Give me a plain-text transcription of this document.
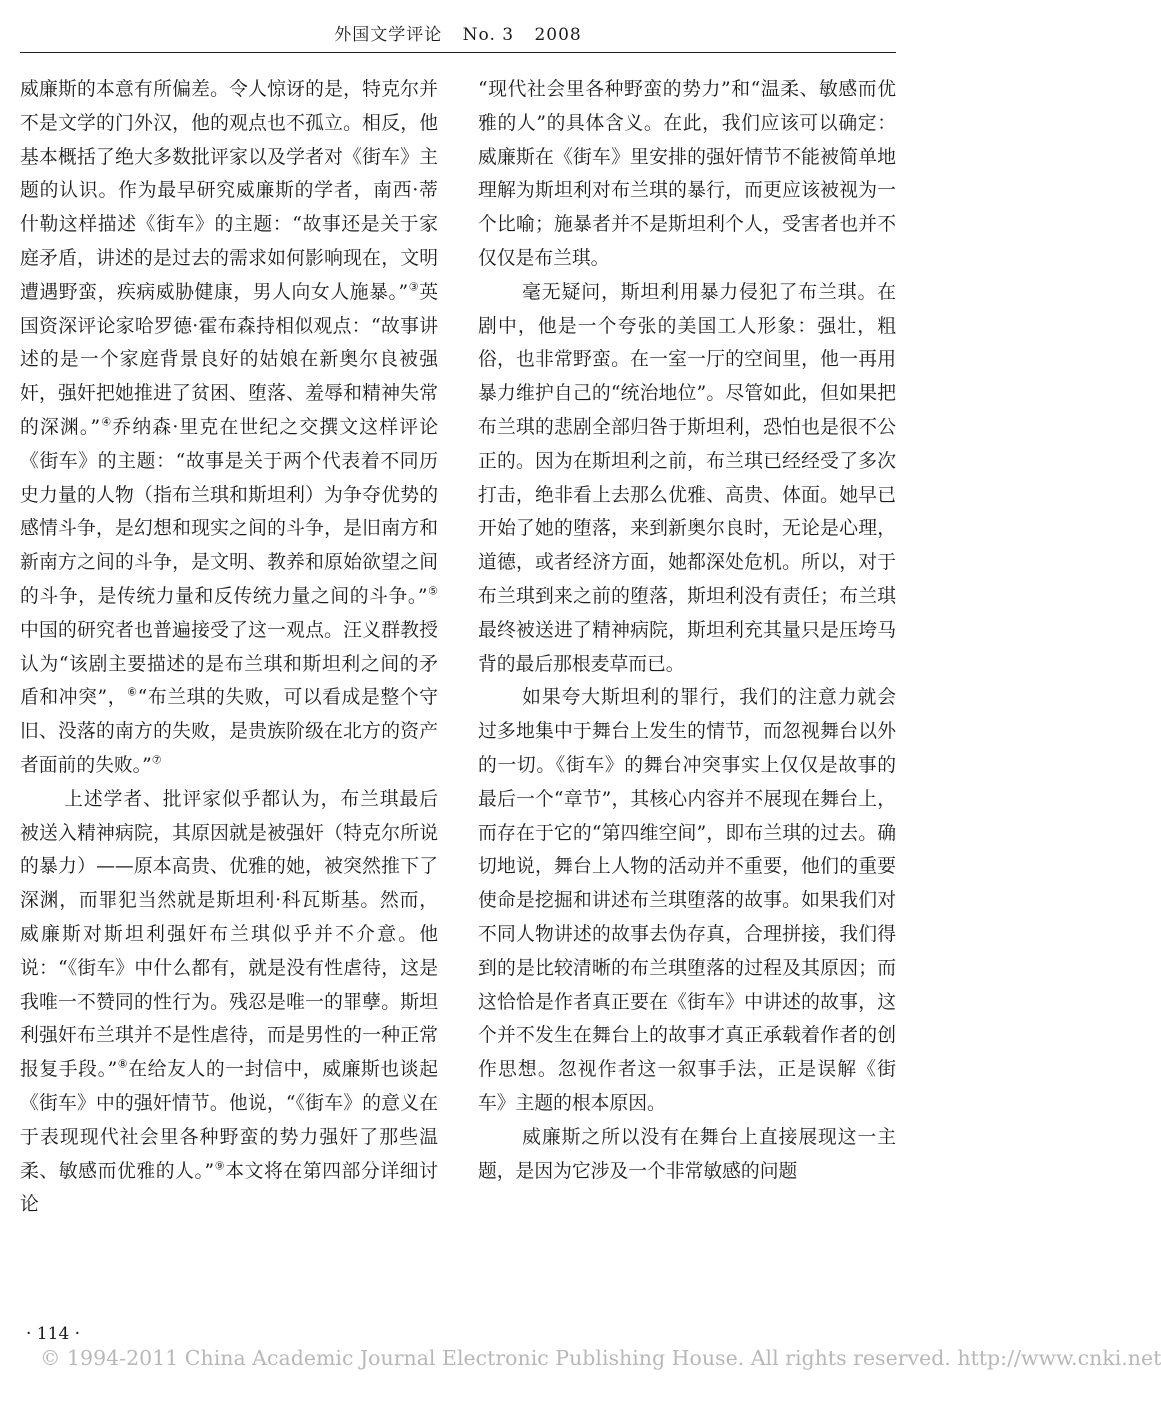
外国文学评论 No. 3 2008

威廉斯的本意有所偏差。令人惊讶的是，特克尔并不是文学的门外汉，他的观点也不孤立。相反，他基本概括了绝大多数批评家以及学者对《街车》主题的认识。作为最早研究威廉斯的学者，南西·蒂什勒这样描述《街车》的主题：“故事还是关于家庭矛盾，讲述的是过去的需求如何影响现在，文明遭遇野蛮，疾病威胁健康，男人向女人施暴。”③英国资深评论家哈罗德·霍布森持相似观点：“故事讲述的是一个家庭背景良好的姑娘在新奥尔良被强奸，强奸把她推进了贫困、堕落、羞辱和精神失常的深渊。”④乔纳森·里克在世纪之交撰文这样评论《街车》的主题：“故事是关于两个代表着不同历史力量的人物（指布兰琪和斯坦利）为争夺优势的感情斗争，是幻想和现实之间的斗争，是旧南方和新南方之间的斗争，是文明、教养和原始欲望之间的斗争，是传统力量和反传统力量之间的斗争。”⑤中国的研究者也普遍接受了这一观点。汪义群教授认为“该剧主要描述的是布兰琪和斯坦利之间的矛盾和冲突”，⑥“布兰琪的失败，可以看成是整个守旧、没落的南方的失败，是贵族阶级在北方的资产者面前的失败。”⑦

上述学者、批评家似乎都认为，布兰琪最后被送入精神病院，其原因就是被强奸（特克尔所说的暴力）——原本高贵、优雅的她，被突然推下了深渊，而罪犯当然就是斯坦利·科瓦斯基。然而，威廉斯对斯坦利强奸布兰琪似乎并不介意。他说：“《街车》中什么都有，就是没有性虐待，这是我唯一不赞同的性行为。残忍是唯一的罪孽。斯坦利强奸布兰琪并不是性虐待，而是男性的一种正常报复手段。”⑧在给友人的一封信中，威廉斯也谈起《街车》中的强奸情节。他说，“《街车》的意义在于表现现代社会里各种野蛮的势力强奸了那些温柔、敏感而优雅的人。”⑨本文将在第四部分详细讨论

“现代社会里各种野蛮的势力”和“温柔、敏感而优雅的人”的具体含义。在此，我们应该可以确定：威廉斯在《街车》里安排的强奸情节不能被简单地理解为斯坦利对布兰琪的暴行，而更应该被视为一个比喻；施暴者并不是斯坦利个人，受害者也并不仅仅是布兰琪。

毫无疑问，斯坦利用暴力侵犯了布兰琪。在剧中，他是一个夸张的美国工人形象：强壮，粗俗，也非常野蛮。在一室一厅的空间里，他一再用暴力维护自己的“统治地位”。尽管如此，但如果把布兰琪的悲剧全部归咎于斯坦利，恐怕也是很不公正的。因为在斯坦利之前，布兰琪已经经受了多次打击，绝非看上去那么优雅、高贵、体面。她早已开始了她的堕落，来到新奥尔良时，无论是心理，道德，或者经济方面，她都深处危机。所以，对于布兰琪到来之前的堕落，斯坦利没有责任；布兰琪最终被送进了精神病院，斯坦利充其量只是压垮马背的最后那根麦草而已。

如果夸大斯坦利的罪行，我们的注意力就会过多地集中于舞台上发生的情节，而忽视舞台以外的一切。《街车》的舞台冲突事实上仅仅是故事的最后一个“章节”，其核心内容并不展现在舞台上，而存在于它的“第四维空间”，即布兰琪的过去。确切地说，舞台上人物的活动并不重要，他们的重要使命是挖掘和讲述布兰琪堕落的故事。如果我们对不同人物讲述的故事去伪存真，合理拼接，我们得到的是比较清晰的布兰琪堕落的过程及其原因；而这恰恰是作者真正要在《街车》中讲述的故事，这个并不发生在舞台上的故事才真正承载着作者的创作思想。忽视作者这一叙事手法，正是误解《街车》主题的根本原因。

威廉斯之所以没有在舞台上直接展现这一主题，是因为它涉及一个非常敏感的问题

· 114 ·
© 1994-2011 China Academic Journal Electronic Publishing House. All rights reserved. http://www.cnki.net
